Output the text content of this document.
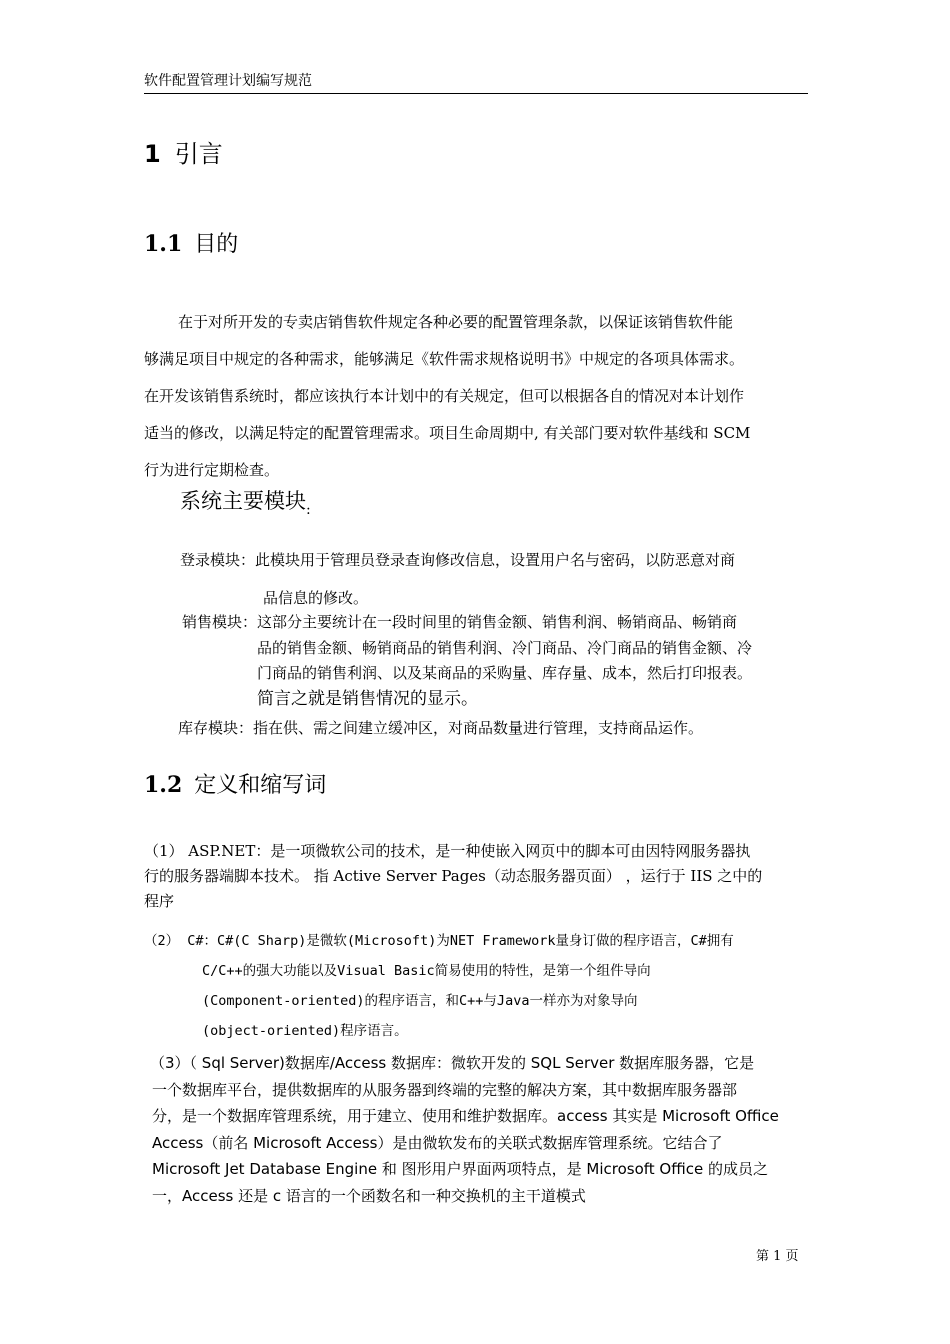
软件配置管理计划编写规范
1 引言
1.1 目的
在于对所开发的专卖店销售软件规定各种必要的配置管理条款，以保证该销售软件能
够满足项目中规定的各种需求，能够满足《软件需求规格说明书》中规定的各项具体需求。
在开发该销售系统时，都应该执行本计划中的有关规定，但可以根据各自的情况对本计划作
适当的修改，以满足特定的配置管理需求。项目生命周期中, 有关部门要对软件基线和 SCM
行为进行定期检查。
系统主要模块$_:$
登录模块：此模块用于管理员登录查询修改信息，设置用户名与密码，以防恶意对商
品信息的修改。
销售模块：这部分主要统计在一段时间里的销售金额、销售利润、畅销商品、畅销商
品的销售金额、畅销商品的销售利润、冷门商品、冷门商品的销售金额、冷
门商品的销售利润、以及某商品的采购量、库存量、成本，然后打印报表。
简言之就是销售情况的显示。
库存模块：指在供、需之间建立缓冲区，对商品数量进行管理，支持商品运作。
1.2 定义和缩写词
（1） ASP.NET：是一项微软公司的技术，是一种使嵌入网页中的脚本可由因特网服务器执
行的服务器端脚本技术。 指 Active Server Pages（动态服务器页面） ，运行于 IIS 之中的
程序
（2） C#：C#(C Sharp)是微软(Microsoft)为NET Framework量身订做的程序语言，C#拥有
C/C++的强大功能以及Visual Basic简易使用的特性，是第一个组件导向
(Component-oriented)的程序语言，和C++与Java一样亦为对象导向
(object-oriented)程序语言。
（3）（ Sql Server)数据库/Access 数据库：微软开发的 SQL Server 数据库服务器，它是
一个数据库平台，提供数据库的从服务器到终端的完整的解决方案，其中数据库服务器部
分，是一个数据库管理系统，用于建立、使用和维护数据库。access 其实是 Microsoft Office
Access（前名 Microsoft Access）是由微软发布的关联式数据库管理系统。它结合了
Microsoft Jet Database Engine 和 图形用户界面两项特点，是 Microsoft Office 的成员之
一，Access 还是 c 语言的一个函数名和一种交换机的主干道模式
第 1 页
